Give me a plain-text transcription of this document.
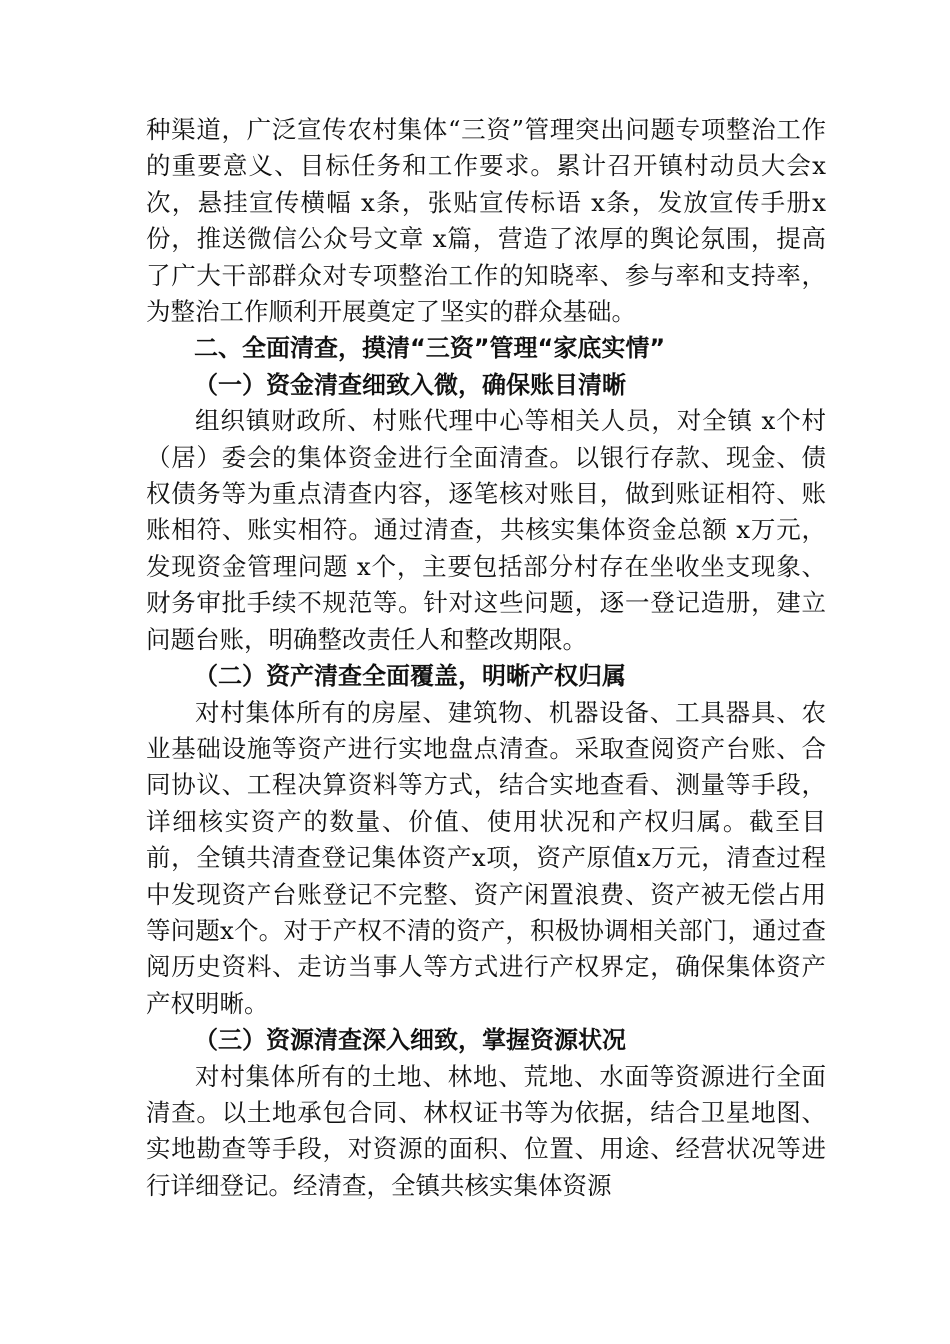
种渠道，广泛宣传农村集体“三资”管理突出问题专项整治工作的重要意义、目标任务和工作要求。累计召开镇村动员大会x次，悬挂宣传横幅 x条，张贴宣传标语 x条，发放宣传手册x份，推送微信公众号文章 x篇，营造了浓厚的舆论氛围，提高了广大干部群众对专项整治工作的知晓率、参与率和支持率，为整治工作顺利开展奠定了坚实的群众基础。

二、全面清查，摸清“三资”管理“家底实情”

（一）资金清查细致入微，确保账目清晰

组织镇财政所、村账代理中心等相关人员，对全镇 x个村（居）委会的集体资金进行全面清查。以银行存款、现金、债权债务等为重点清查内容，逐笔核对账目，做到账证相符、账账相符、账实相符。通过清查，共核实集体资金总额 x万元，发现资金管理问题 x个，主要包括部分村存在坐收坐支现象、财务审批手续不规范等。针对这些问题，逐一登记造册，建立问题台账，明确整改责任人和整改期限。

（二）资产清查全面覆盖，明晰产权归属

对村集体所有的房屋、建筑物、机器设备、工具器具、农业基础设施等资产进行实地盘点清查。采取查阅资产台账、合同协议、工程决算资料等方式，结合实地查看、测量等手段，详细核实资产的数量、价值、使用状况和产权归属。截至目前，全镇共清查登记集体资产x项，资产原值x万元，清查过程中发现资产台账登记不完整、资产闲置浪费、资产被无偿占用等问题x个。对于产权不清的资产，积极协调相关部门，通过查阅历史资料、走访当事人等方式进行产权界定，确保集体资产产权明晰。

（三）资源清查深入细致，掌握资源状况

对村集体所有的土地、林地、荒地、水面等资源进行全面清查。以土地承包合同、林权证书等为依据，结合卫星地图、实地勘查等手段，对资源的面积、位置、用途、经营状况等进行详细登记。经清查，全镇共核实集体资源
